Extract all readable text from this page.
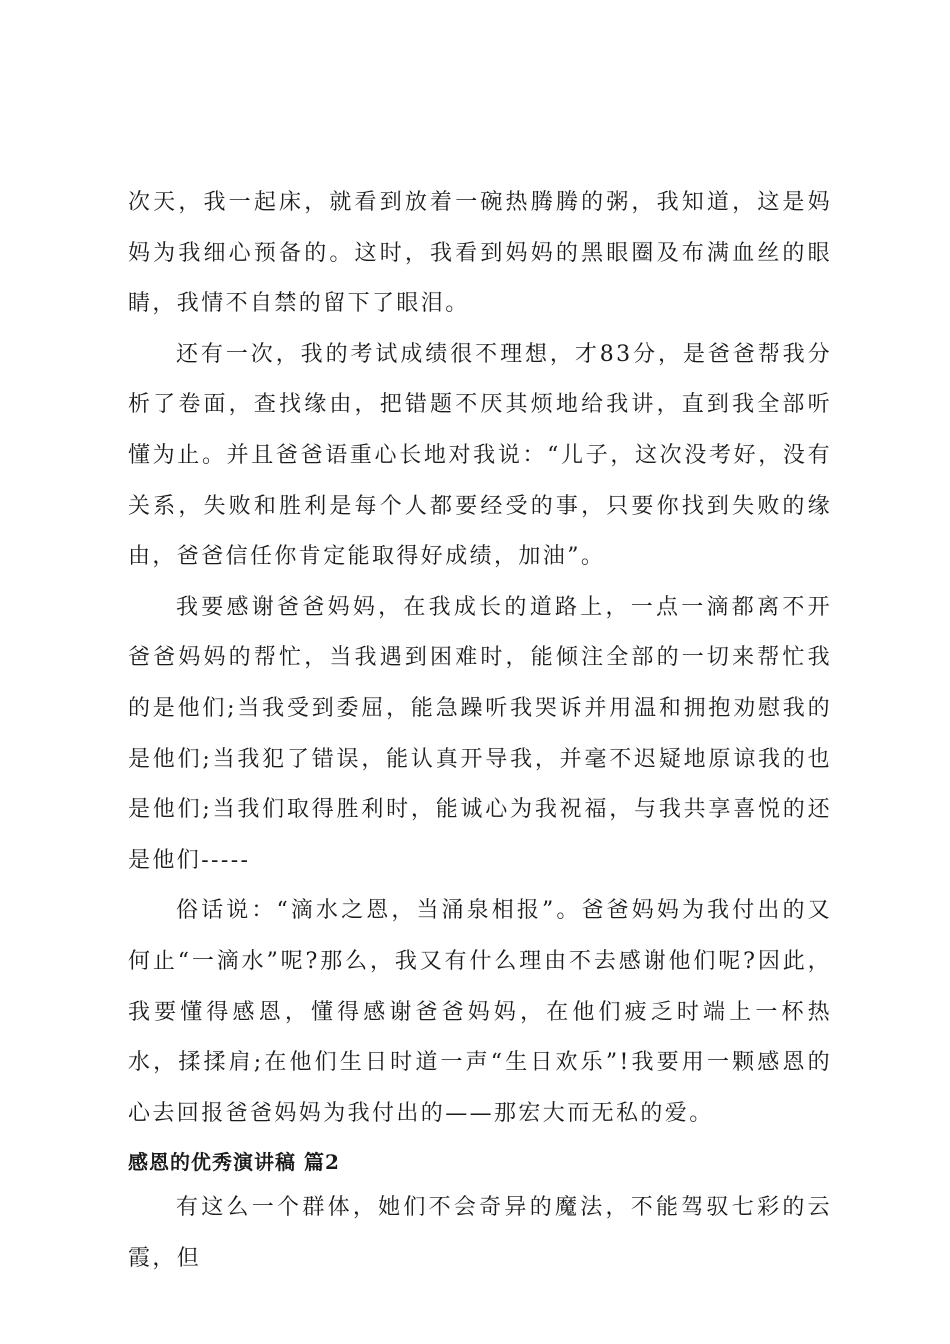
次天，我一起床，就看到放着一碗热腾腾的粥，我知道，这是妈妈为我细心预备的。这时，我看到妈妈的黑眼圈及布满血丝的眼睛，我情不自禁的留下了眼泪。

还有一次，我的考试成绩很不理想，才83分，是爸爸帮我分析了卷面，查找缘由，把错题不厌其烦地给我讲，直到我全部听懂为止。并且爸爸语重心长地对我说：“儿子，这次没考好，没有关系，失败和胜利是每个人都要经受的事，只要你找到失败的缘由，爸爸信任你肯定能取得好成绩，加油”。

我要感谢爸爸妈妈，在我成长的道路上，一点一滴都离不开爸爸妈妈的帮忙，当我遇到困难时，能倾注全部的一切来帮忙我的是他们;当我受到委屈，能急躁听我哭诉并用温和拥抱劝慰我的是他们;当我犯了错误，能认真开导我，并毫不迟疑地原谅我的也是他们;当我们取得胜利时，能诚心为我祝福，与我共享喜悦的还是他们-----

俗话说：“滴水之恩，当涌泉相报”。爸爸妈妈为我付出的又何止“一滴水”呢?那么，我又有什么理由不去感谢他们呢?因此，我要懂得感恩，懂得感谢爸爸妈妈，在他们疲乏时端上一杯热水，揉揉肩;在他们生日时道一声“生日欢乐”!我要用一颗感恩的心去回报爸爸妈妈为我付出的——那宏大而无私的爱。

感恩的优秀演讲稿 篇2

有这么一个群体，她们不会奇异的魔法，不能驾驭七彩的云霞，但
